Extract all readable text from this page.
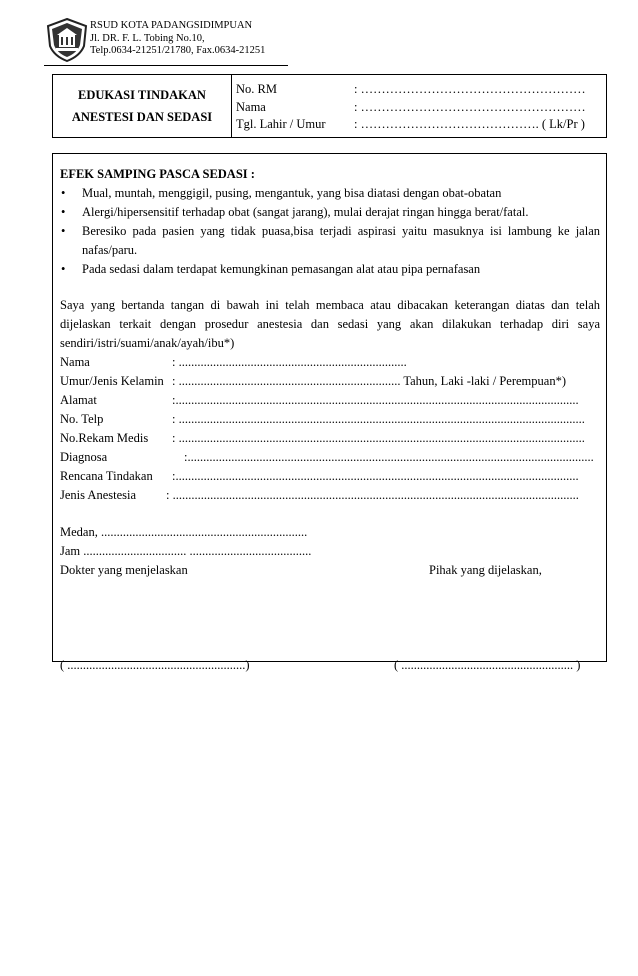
RSUD KOTA PADANGSIDIMPUAN
Jl. DR. F. L. Tobing No.10,
Telp.0634-21251/21780, Fax.0634-21251
EDUKASI TINDAKAN
ANESTESI DAN SEDASI
No. RM	: ………………………………………………
Nama	: ………………………………………………
Tgl. Lahir / Umur : ……………………………………. ( Lk/Pr )

EFEK SAMPING PASCA SEDASI :

• Mual, muntah, menggigil, pusing, mengantuk, yang bisa diatasi dengan obat-obatan
• Alergi/hipersensitif terhadap obat (sangat jarang), mulai derajat ringan hingga berat/fatal.
• Beresiko pada pasien yang tidak puasa,bisa terjadi aspirasi yaitu masuknya isi lambung ke jalan nafas/paru.
• Pada sedasi dalam terdapat kemungkinan pemasangan alat atau pipa pernafasan
Saya yang bertanda tangan di bawah ini telah membaca atau dibacakan keterangan diatas dan telah dijelaskan terkait dengan prosedur anestesia dan sedasi yang akan dilakukan terhadap diri saya sendiri/istri/suami/anak/ayah/ibu*)
Nama	: .........................................................................
Umur/Jenis Kelamin : ....................................................................... Tahun, Laki -laki / Perempuan*)
Alamat	:.................................................................................................................................
No. Telp	: ..................................................................................................................................
No.Rekam Medis : ..................................................................................................................................
Diagnosa	:..................................................................................................................................
Rencana Tindakan :.................................................................................................................................
Jenis Anestesia : ..................................................................................................................................
Medan, ..................................................................
Jam ................................. .......................................
Dokter yang menjelaskan	Pihak yang dijelaskan,
( .........................................................)	( ....................................................... )
